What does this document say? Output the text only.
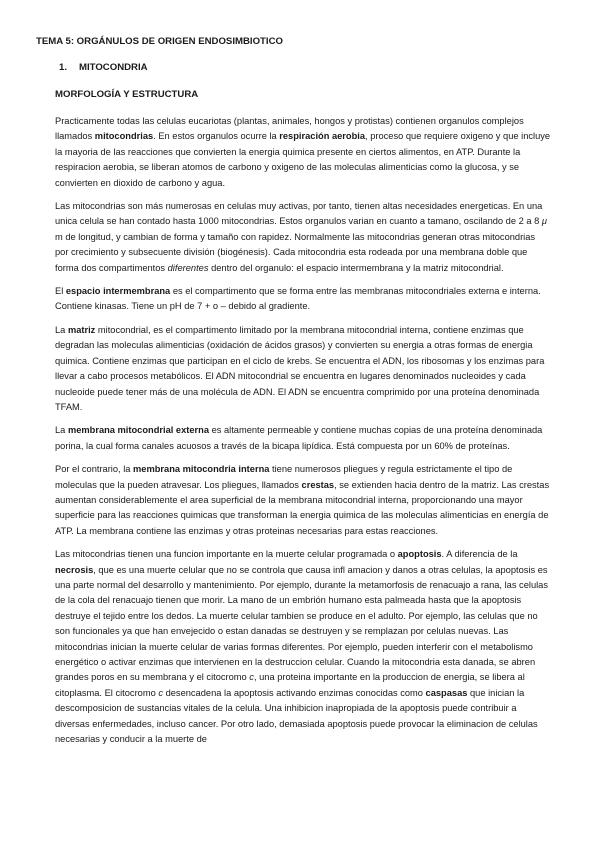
TEMA 5: ORGÁNULOS DE ORIGEN ENDOSIMBIOTICO
1. MITOCONDRIA
MORFOLOGÍA Y ESTRUCTURA

Practicamente todas las celulas eucariotas (plantas, animales, hongos y protistas) contienen organulos complejos llamados mitocondrias. En estos organulos ocurre la respiración aerobia, proceso que requiere oxigeno y que incluye la mayoria de las reacciones que convierten la energia quimica presente en ciertos alimentos, en ATP. Durante la respiracion aerobia, se liberan atomos de carbono y oxigeno de las moleculas alimenticias como la glucosa, y se convierten en dioxido de carbono y agua.

Las mitocondrias son más numerosas en celulas muy activas, por tanto, tienen altas necesidades energeticas. En una unica celula se han contado hasta 1000 mitocondrias. Estos organulos varian en cuanto a tamano, oscilando de 2 a 8 μ m de longitud, y cambian de forma y tamaño con rapidez. Normalmente las mitocondrias generan otras mitocondrias por crecimiento y subsecuente división (biogénesis). Cada mitocondria esta rodeada por una membrana doble que forma dos compartimentos diferentes dentro del organulo: el espacio intermembrana y la matriz mitocondrial.

El espacio intermembrana es el compartimento que se forma entre las membranas mitocondriales externa e interna. Contiene kinasas. Tiene un pH de 7 + o – debido al gradiente.

La matriz mitocondrial, es el compartimento limitado por la membrana mitocondrial interna, contiene enzimas que degradan las moleculas alimenticias (oxidación de ácidos grasos) y convierten su energia a otras formas de energia quimica. Contiene enzimas que participan en el ciclo de krebs. Se encuentra el ADN, los ribosomas y los enzimas para llevar a cabo procesos metabólicos. El ADN mitocondrial se encuentra en lugares denominados nucleoides y cada nucleoide puede tener más de una molécula de ADN. El ADN se encuentra comprimido por una proteína denominada TFAM.

La membrana mitocondrial externa es altamente permeable y contiene muchas copias de una proteína denominada porina, la cual forma canales acuosos a través de la bicapa lipídica. Está compuesta por un 60% de proteínas.

Por el contrario, la membrana mitocondria interna tiene numerosos pliegues y regula estrictamente el tipo de moleculas que la pueden atravesar. Los pliegues, llamados crestas, se extienden hacia dentro de la matriz. Las crestas aumentan considerablemente el area superficial de la membrana mitocondrial interna, proporcionando una mayor superficie para las reacciones quimicas que transforman la energia quimica de las moleculas alimenticias en energía de ATP. La membrana contiene las enzimas y otras proteinas necesarias para estas reacciones.

Las mitocondrias tienen una funcion importante en la muerte celular programada o apoptosis. A diferencia de la necrosis, que es una muerte celular que no se controla que causa infl amacion y danos a otras celulas, la apoptosis es una parte normal del desarrollo y mantenimiento. Por ejemplo, durante la metamorfosis de renacuajo a rana, las celulas de la cola del renacuajo tienen que morir. La mano de un embrión humano esta palmeada hasta que la apoptosis destruye el tejido entre los dedos. La muerte celular tambien se produce en el adulto. Por ejemplo, las celulas que no son funcionales ya que han envejecido o estan danadas se destruyen y se remplazan por celulas nuevas. Las mitocondrias inician la muerte celular de varias formas diferentes. Por ejemplo, pueden interferir con el metabolismo energético o activar enzimas que intervienen en la destruccion celular. Cuando la mitocondria esta danada, se abren grandes poros en su membrana y el citocromo c, una proteina importante en la produccion de energia, se libera al citoplasma. El citocromo c desencadena la apoptosis activando enzimas conocidas como caspasas que inician la descomposicion de sustancias vitales de la celula. Una inhibicion inapropiada de la apoptosis puede contribuir a diversas enfermedades, incluso cancer. Por otro lado, demasiada apoptosis puede provocar la eliminacion de celulas necesarias y conducir a la muerte de
